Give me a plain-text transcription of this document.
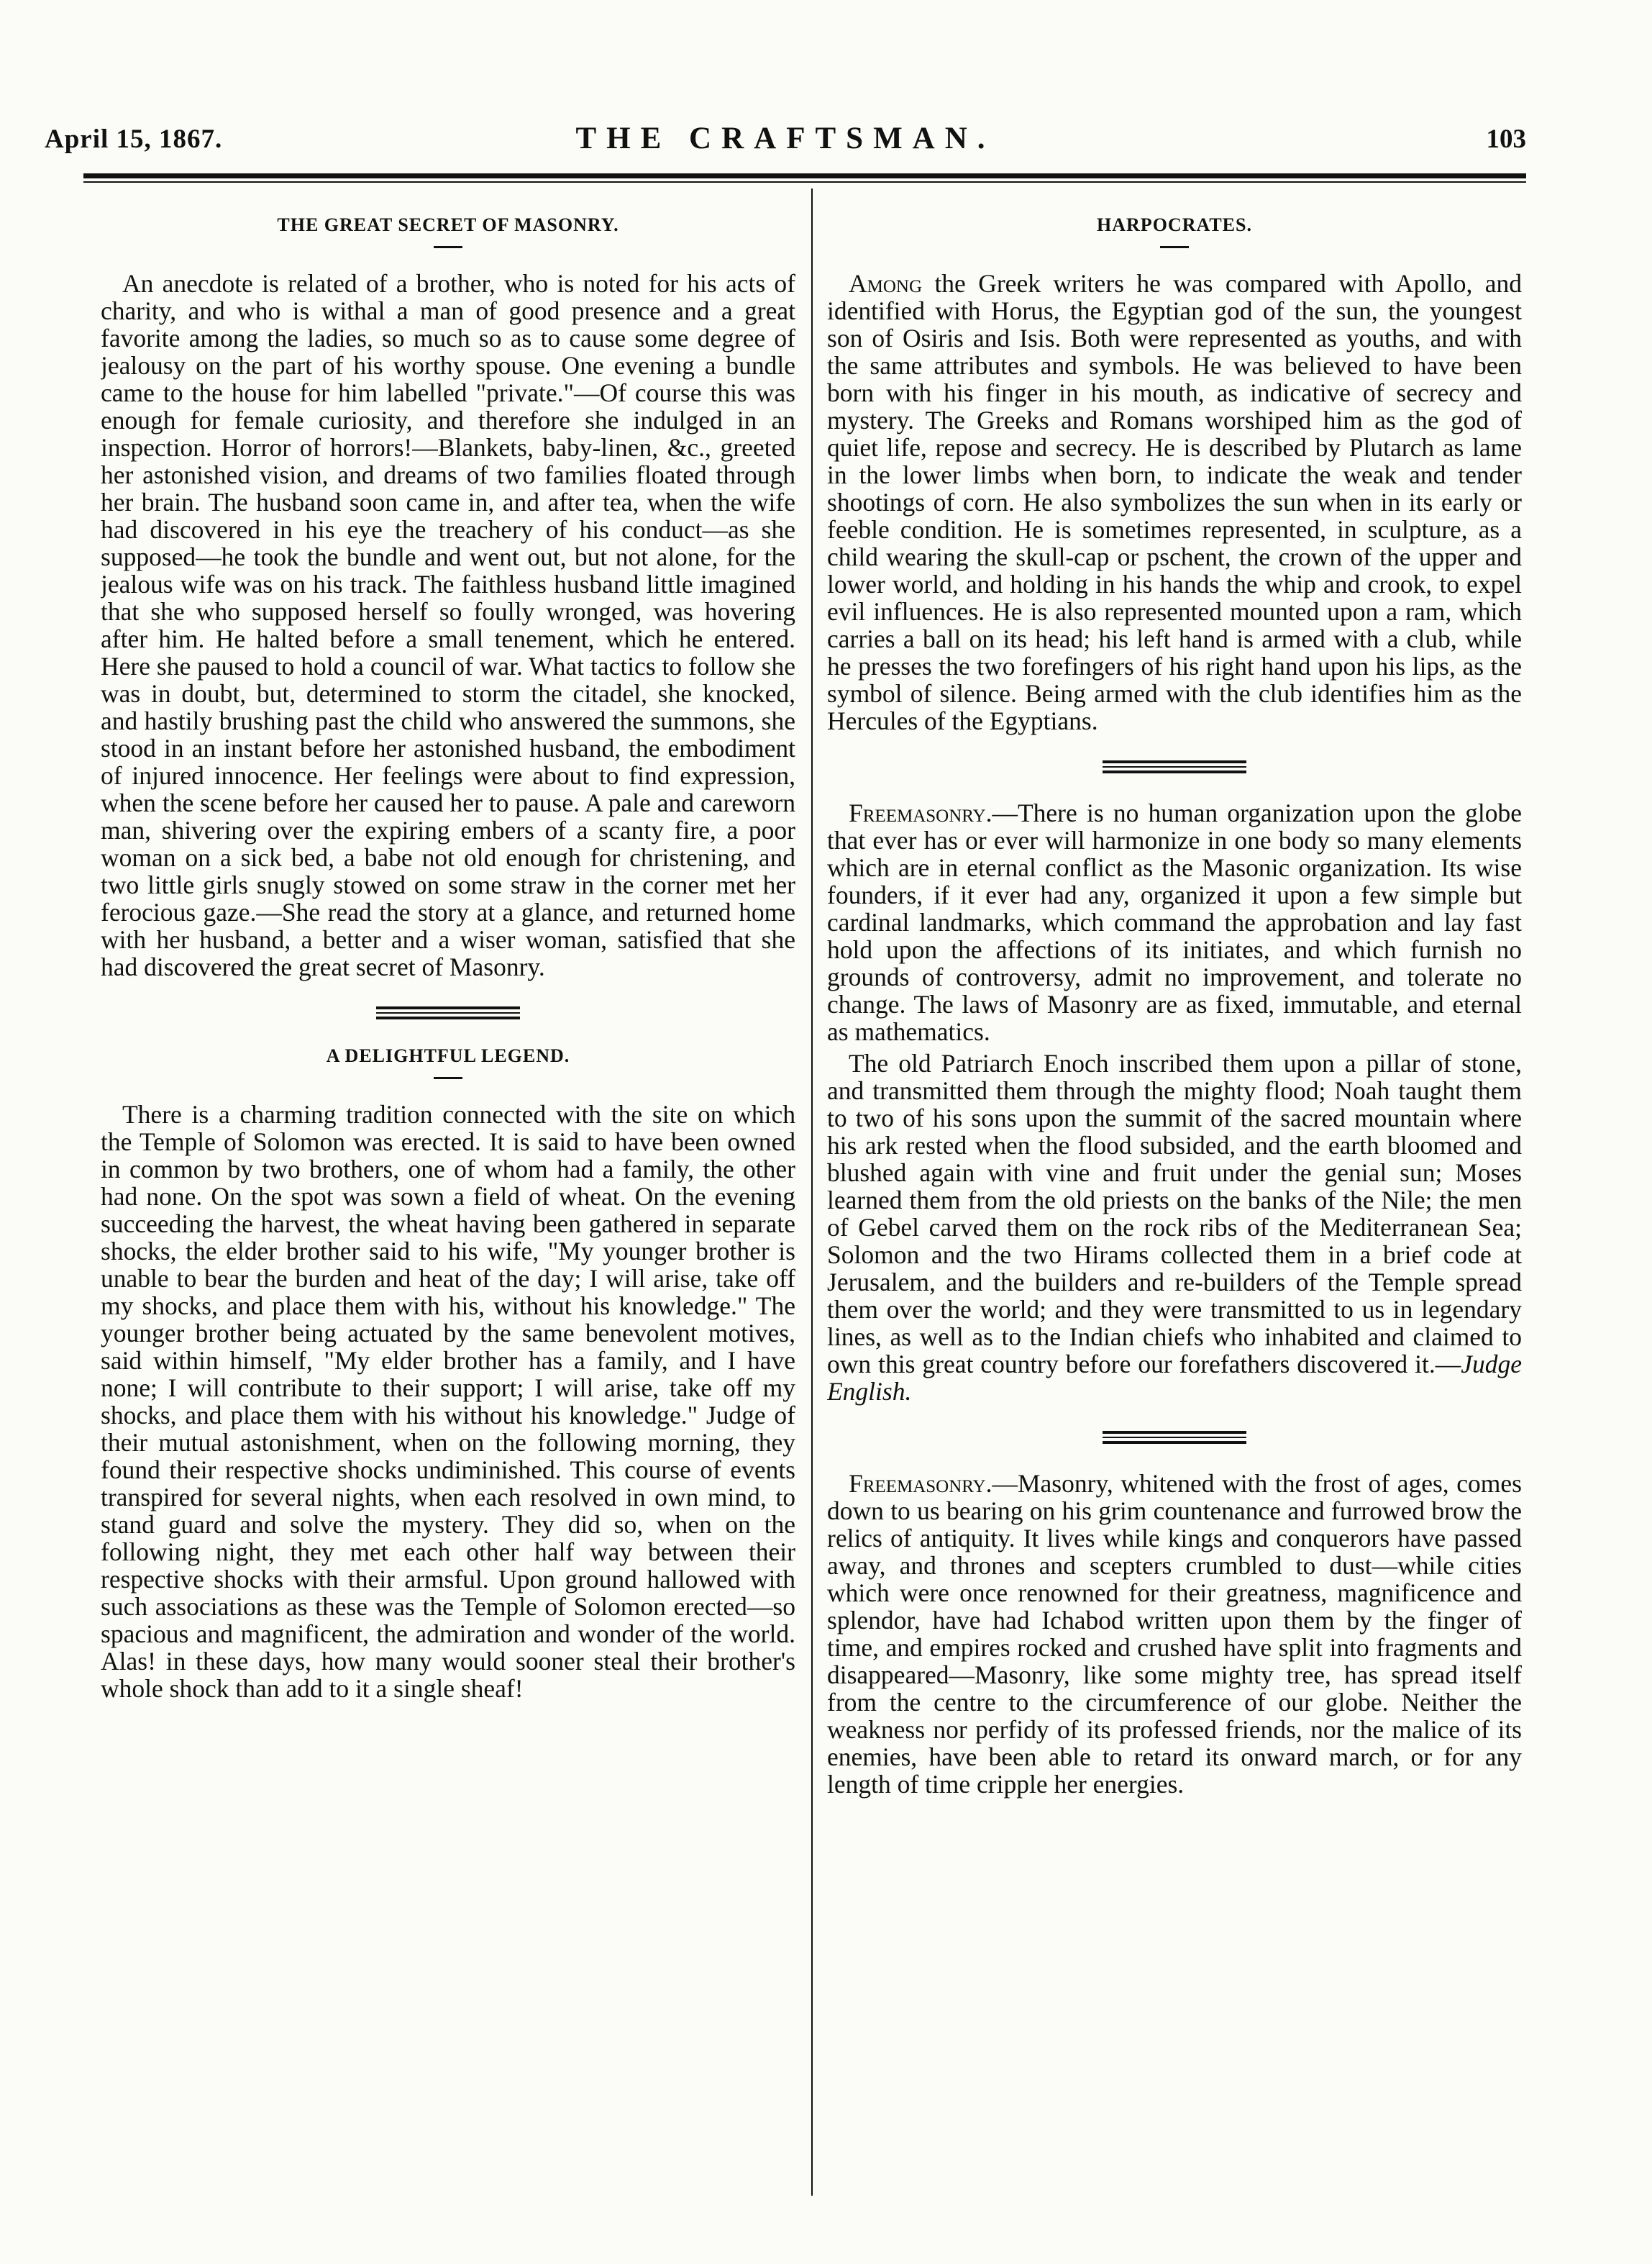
April 15, 1867.	THE CRAFTSMAN.	103
THE GREAT SECRET OF MASONRY.

An anecdote is related of a brother, who is noted for his acts of charity, and who is withal a man of good presence and a great favorite among the ladies, so much so as to cause some degree of jealousy on the part of his worthy spouse. One evening a bundle came to the house for him labelled "private."—Of course this was enough for female curiosity, and therefore she indulged in an inspection. Horror of horrors!—Blankets, baby-linen, &c., greeted her astonished vision, and dreams of two families floated through her brain. The husband soon came in, and after tea, when the wife had discovered in his eye the treachery of his conduct—as she supposed—he took the bundle and went out, but not alone, for the jealous wife was on his track. The faithless husband little imagined that she who supposed herself so foully wronged, was hovering after him. He halted before a small tenement, which he entered. Here she paused to hold a council of war. What tactics to follow she was in doubt, but, determined to storm the citadel, she knocked, and hastily brushing past the child who answered the summons, she stood in an instant before her astonished husband, the embodiment of injured innocence. Her feelings were about to find expression, when the scene before her caused her to pause. A pale and careworn man, shivering over the expiring embers of a scanty fire, a poor woman on a sick bed, a babe not old enough for christening, and two little girls snugly stowed on some straw in the corner met her ferocious gaze.—She read the story at a glance, and returned home with her husband, a better and a wiser woman, satisfied that she had discovered the great secret of Masonry.

A DELIGHTFUL LEGEND.

There is a charming tradition connected with the site on which the Temple of Solomon was erected. It is said to have been owned in common by two brothers, one of whom had a family, the other had none. On the spot was sown a field of wheat. On the evening succeeding the harvest, the wheat having been gathered in separate shocks, the elder brother said to his wife, "My younger brother is unable to bear the burden and heat of the day; I will arise, take off my shocks, and place them with his, without his knowledge." The younger brother being actuated by the same benevolent motives, said within himself, "My elder brother has a family, and I have none; I will contribute to their support; I will arise, take off my shocks, and place them with his without his knowledge." Judge of their mutual astonishment, when on the following morning, they found their respective shocks undiminished. This course of events transpired for several nights, when each resolved in own mind, to stand guard and solve the mystery. They did so, when on the following night, they met each other half way between their respective shocks with their armsful. Upon ground hallowed with such associations as these was the Temple of Solomon erected—so spacious and magnificent, the admiration and wonder of the world. Alas! in these days, how many would sooner steal their brother's whole shock than add to it a single sheaf!

HARPOCRATES.

Among the Greek writers he was compared with Apollo, and identified with Horus, the Egyptian god of the sun, the youngest son of Osiris and Isis. Both were represented as youths, and with the same attributes and symbols. He was believed to have been born with his finger in his mouth, as indicative of secrecy and mystery. The Greeks and Romans worshiped him as the god of quiet life, repose and secrecy. He is described by Plutarch as lame in the lower limbs when born, to indicate the weak and tender shootings of corn. He also symbolizes the sun when in its early or feeble condition. He is sometimes represented, in sculpture, as a child wearing the skull-cap or pschent, the crown of the upper and lower world, and holding in his hands the whip and crook, to expel evil influences. He is also represented mounted upon a ram, which carries a ball on its head; his left hand is armed with a club, while he presses the two forefingers of his right hand upon his lips, as the symbol of silence. Being armed with the club identifies him as the Hercules of the Egyptians.

Freemasonry.—There is no human organization upon the globe that ever has or ever will harmonize in one body so many elements which are in eternal conflict as the Masonic organization. Its wise founders, if it ever had any, organized it upon a few simple but cardinal landmarks, which command the approbation and lay fast hold upon the affections of its initiates, and which furnish no grounds of controversy, admit no improvement, and tolerate no change. The laws of Masonry are as fixed, immutable, and eternal as mathematics.

The old Patriarch Enoch inscribed them upon a pillar of stone, and transmitted them through the mighty flood; Noah taught them to two of his sons upon the summit of the sacred mountain where his ark rested when the flood subsided, and the earth bloomed and blushed again with vine and fruit under the genial sun; Moses learned them from the old priests on the banks of the Nile; the men of Gebel carved them on the rock ribs of the Mediterranean Sea; Solomon and the two Hirams collected them in a brief code at Jerusalem, and the builders and re-builders of the Temple spread them over the world; and they were transmitted to us in legendary lines, as well as to the Indian chiefs who inhabited and claimed to own this great country before our forefathers discovered it.—Judge English.

Freemasonry.—Masonry, whitened with the frost of ages, comes down to us bearing on his grim countenance and furrowed brow the relics of antiquity. It lives while kings and conquerors have passed away, and thrones and scepters crumbled to dust—while cities which were once renowned for their greatness, magnificence and splendor, have had Ichabod written upon them by the finger of time, and empires rocked and crushed have split into fragments and disappeared—Masonry, like some mighty tree, has spread itself from the centre to the circumference of our globe. Neither the weakness nor perfidy of its professed friends, nor the malice of its enemies, have been able to retard its onward march, or for any length of time cripple her energies.
